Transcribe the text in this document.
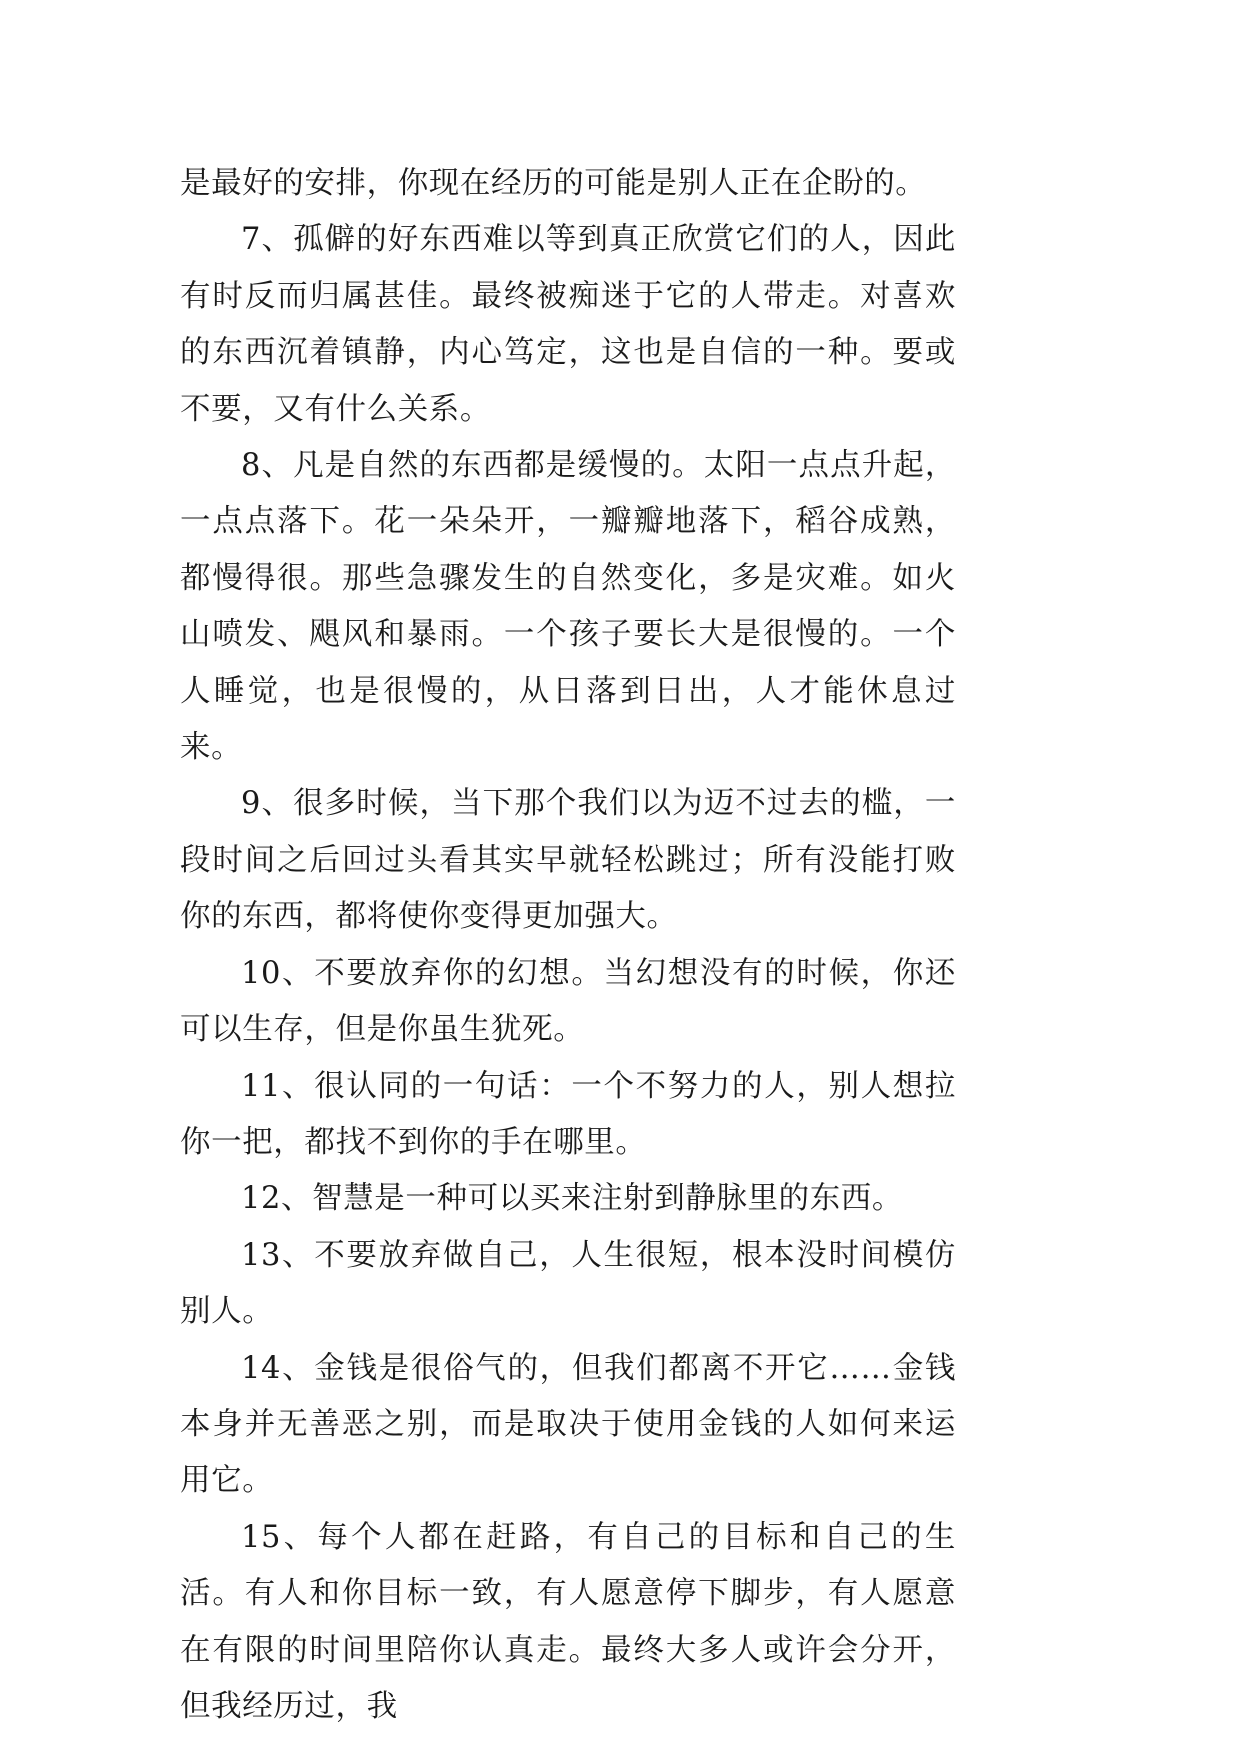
是最好的安排，你现在经历的可能是别人正在企盼的。

7、孤僻的好东西难以等到真正欣赏它们的人，因此有时反而归属甚佳。最终被痴迷于它的人带走。对喜欢的东西沉着镇静，内心笃定，这也是自信的一种。要或不要，又有什么关系。

8、凡是自然的东西都是缓慢的。太阳一点点升起，一点点落下。花一朵朵开，一瓣瓣地落下，稻谷成熟，都慢得很。那些急骤发生的自然变化，多是灾难。如火山喷发、飓风和暴雨。一个孩子要长大是很慢的。一个人睡觉，也是很慢的，从日落到日出，人才能休息过来。

9、很多时候，当下那个我们以为迈不过去的槛，一段时间之后回过头看其实早就轻松跳过；所有没能打败你的东西，都将使你变得更加强大。

10、不要放弃你的幻想。当幻想没有的时候，你还可以生存，但是你虽生犹死。

11、很认同的一句话：一个不努力的人，别人想拉你一把，都找不到你的手在哪里。

12、智慧是一种可以买来注射到静脉里的东西。

13、不要放弃做自己，人生很短，根本没时间模仿别人。

14、金钱是很俗气的，但我们都离不开它……金钱本身并无善恶之别，而是取决于使用金钱的人如何来运用它。

15、每个人都在赶路，有自己的目标和自己的生活。有人和你目标一致，有人愿意停下脚步，有人愿意在有限的时间里陪你认真走。最终大多人或许会分开，但我经历过，我
